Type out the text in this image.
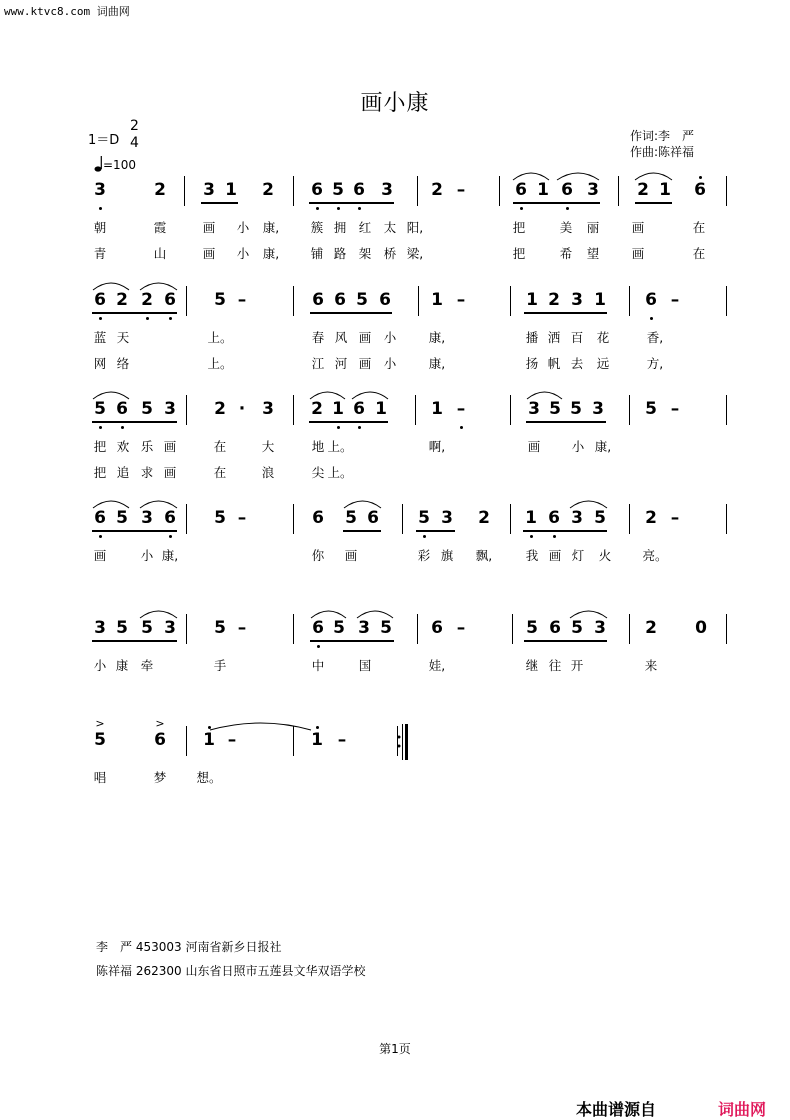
www.ktvc8.com 词曲网
画小康
1＝D
2
4
=100
作词:李　严
作曲:陈祥福
3	2 3 1 2 6 5 6 3 2 –	6 1 6 3 2 1 6
朝	霞	画 小 康,	簇 拥 红 太 阳,	把	美 丽	画	在
青	山	画 小 康,	铺 路 架 桥 梁,	把	希 望	画	在
6 2 2 6 5 –	6 6 5 6 1 –	1 2 3 1 6 –
蓝 天	上。	春 风 画 小	康,	播 洒 百 花	香,
网 络	上。	江 河 画 小	康,	扬 帆 去 远	方,
5 6 5 3 2 · 3 2 1 6 1	1 –	3 5 5 3 5 –
把 欢 乐 画	在	大	地 上。	啊,	画	小 康,
把 追 求 画	在	浪	尖 上。
6 5 3 6 5 –	6 5 6 5 3 2 1 6 3 5 2 –
画	小 康,	你 画	彩 旗 飘,	我 画 灯 火 亮。
3 5 5 3 5 –	6 5 3 5 6 –	5 6 5 3 2 0
小 康 牵	手	中	国	娃,	继 往 开	来
5	6 1 –	1 –
>	>
唱	梦 想。
李　严 453003 河南省新乡日报社
陈祥福 262300 山东省日照市五莲县文华双语学校
第1页
本曲谱源自	词曲网
